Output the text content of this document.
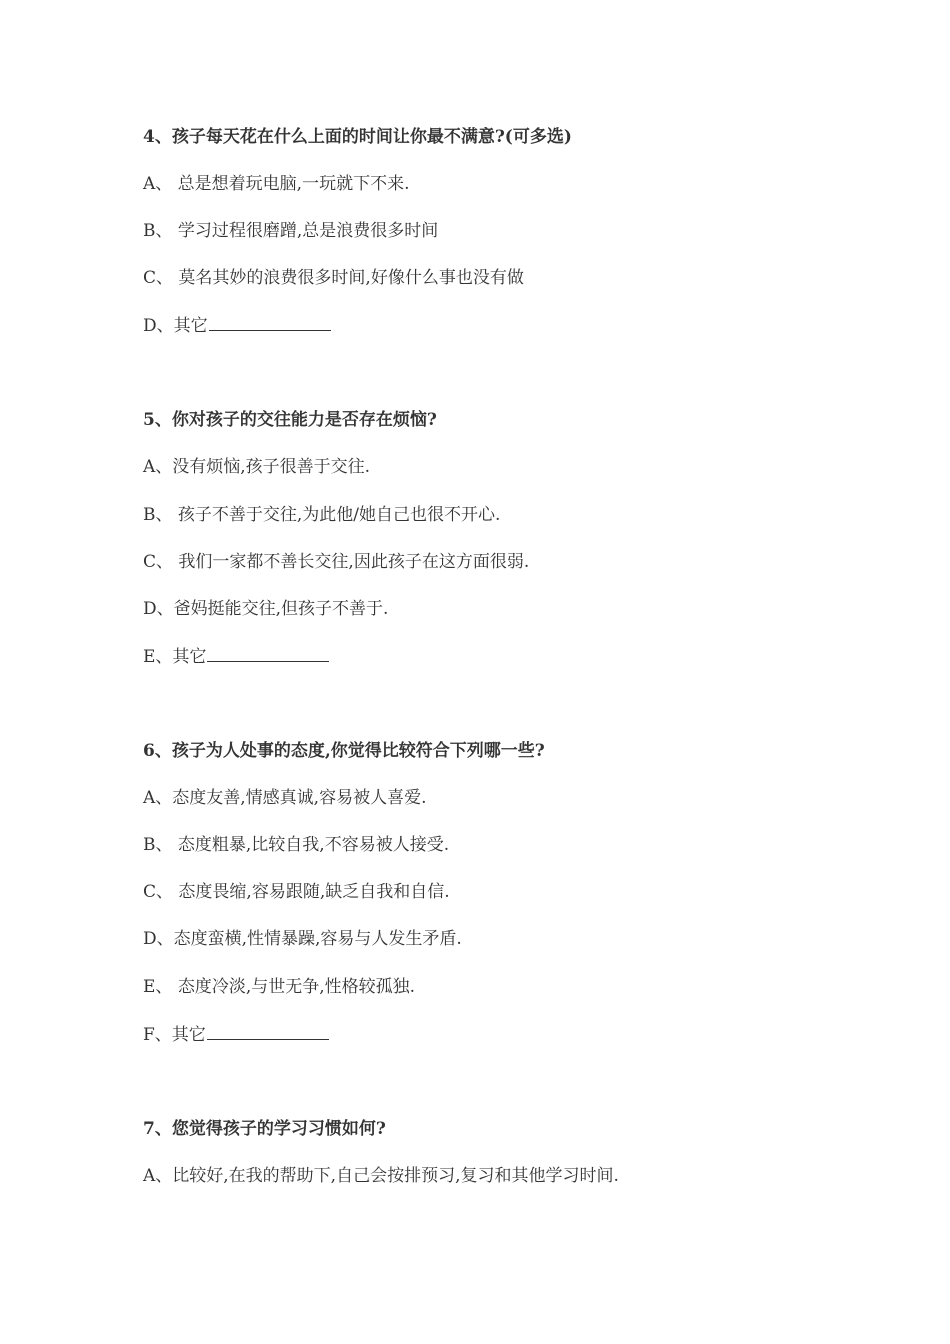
4、孩子每天花在什么上面的时间让你最不满意?(可多选)
A、 总是想着玩电脑,一玩就下不来.
B、 学习过程很磨蹭,总是浪费很多时间
C、 莫名其妙的浪费很多时间,好像什么事也没有做
D、其它
5、你对孩子的交往能力是否存在烦恼?
A、没有烦恼,孩子很善于交往.
B、 孩子不善于交往,为此他/她自己也很不开心.
C、 我们一家都不善长交往,因此孩子在这方面很弱.
D、爸妈挺能交往,但孩子不善于.
E、其它
6、孩子为人处事的态度,你觉得比较符合下列哪一些?
A、态度友善,情感真诚,容易被人喜爱.
B、 态度粗暴,比较自我,不容易被人接受.
C、 态度畏缩,容易跟随,缺乏自我和自信.
D、态度蛮横,性情暴躁,容易与人发生矛盾.
E、 态度冷淡,与世无争,性格较孤独.
F、其它
7、您觉得孩子的学习习惯如何?
A、比较好,在我的帮助下,自己会按排预习,复习和其他学习时间.
